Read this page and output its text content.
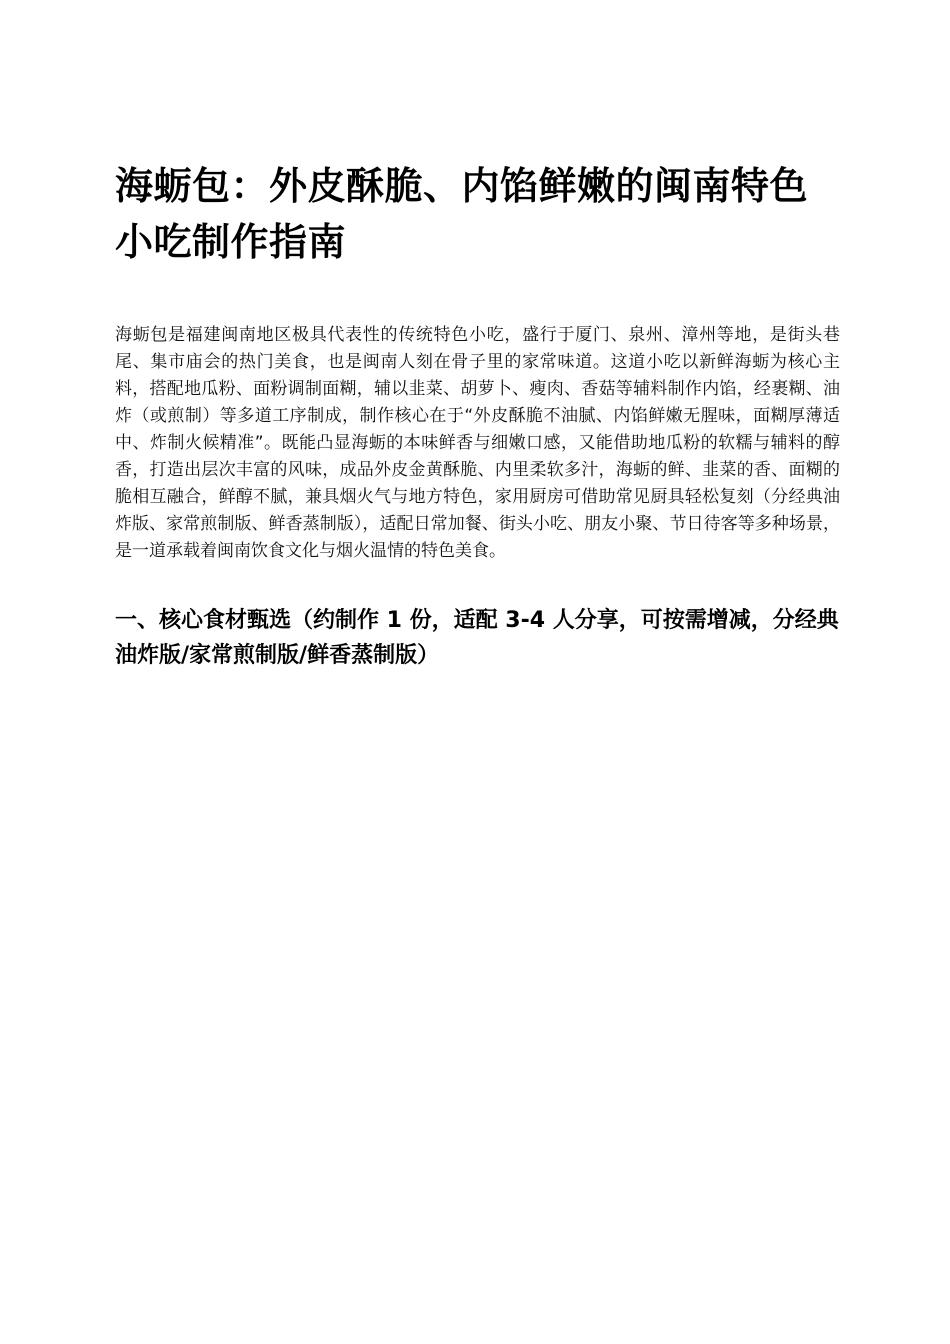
海蛎包：外皮酥脆、内馅鲜嫩的闽南特色小吃制作指南

海蛎包是福建闽南地区极具代表性的传统特色小吃，盛行于厦门、泉州、漳州等地，是街头巷尾、集市庙会的热门美食，也是闽南人刻在骨子里的家常味道。这道小吃以新鲜海蛎为核心主料，搭配地瓜粉、面粉调制面糊，辅以韭菜、胡萝卜、瘦肉、香菇等辅料制作内馅，经裹糊、油炸（或煎制）等多道工序制成，制作核心在于“外皮酥脆不油腻、内馅鲜嫩无腥味，面糊厚薄适中、炸制火候精准”。既能凸显海蛎的本味鲜香与细嫩口感，又能借助地瓜粉的软糯与辅料的醇香，打造出层次丰富的风味，成品外皮金黄酥脆、内里柔软多汁，海蛎的鲜、韭菜的香、面糊的脆相互融合，鲜醇不腻，兼具烟火气与地方特色，家用厨房可借助常见厨具轻松复刻（分经典油炸版、家常煎制版、鲜香蒸制版），适配日常加餐、街头小吃、朋友小聚、节日待客等多种场景，是一道承载着闽南饮食文化与烟火温情的特色美食。

一、核心食材甄选（约制作 1 份，适配 3-4 人分享，可按需增减，分经典油炸版/家常煎制版/鲜香蒸制版）
